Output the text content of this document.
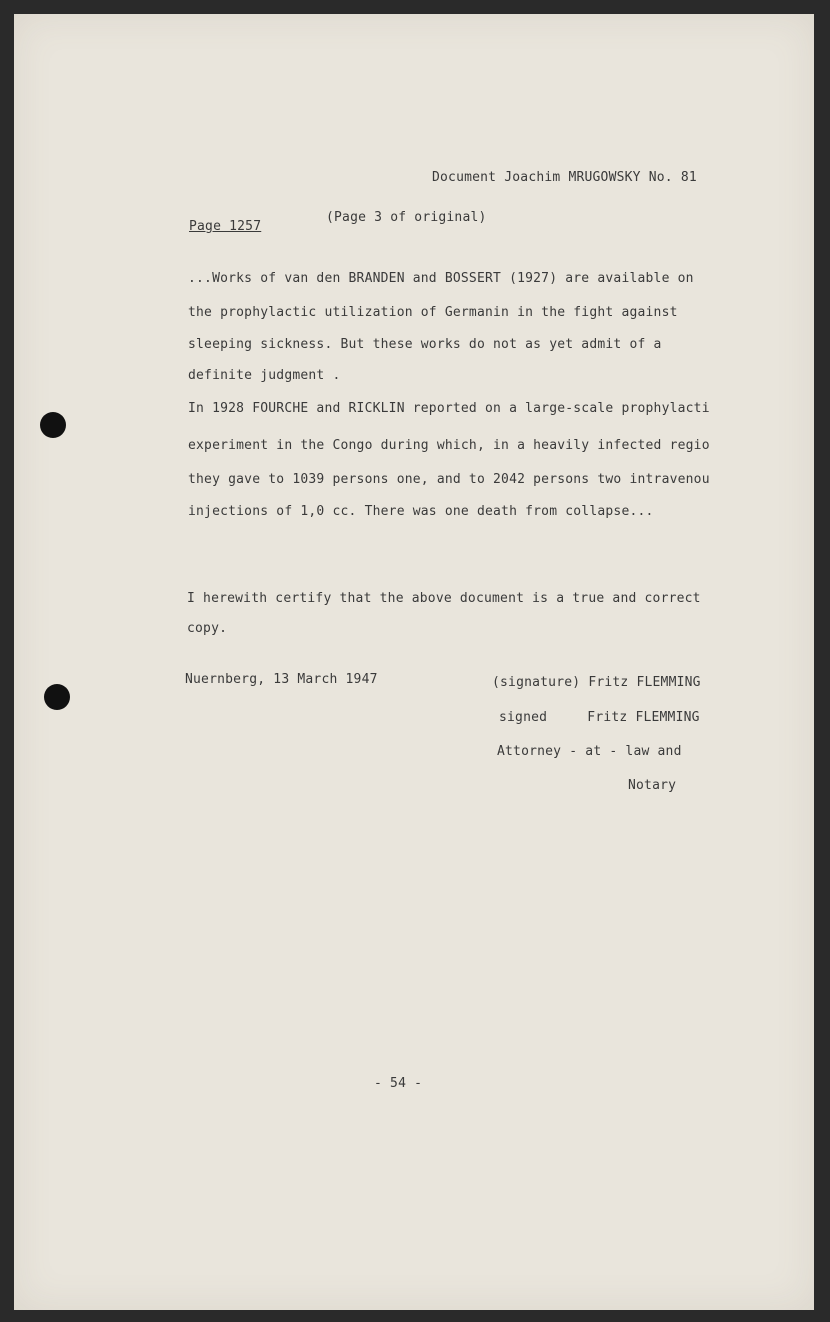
Document Joachim MRUGOWSKY No. 81
Page 1257
(Page 3 of original)
...Works of van den BRANDEN and BOSSERT (1927) are available on
the prophylactic utilization of Germanin in the fight against
sleeping sickness. But these works do not as yet admit of a
definite judgment .
In 1928 FOURCHE and RICKLIN reported on a large-scale prophylacti
experiment in the Congo during which, in a heavily infected regio
they gave to 1039 persons one, and to 2042 persons two intravenou
injections of 1,0 cc. There was one death from collapse...
I herewith certify that the above document is a true and correct
copy.
Nuernberg, 13 March 1947	(signature) Fritz FLEMMING
signed     Fritz FLEMMING
Attorney - at - law and
Notary
- 54 -
